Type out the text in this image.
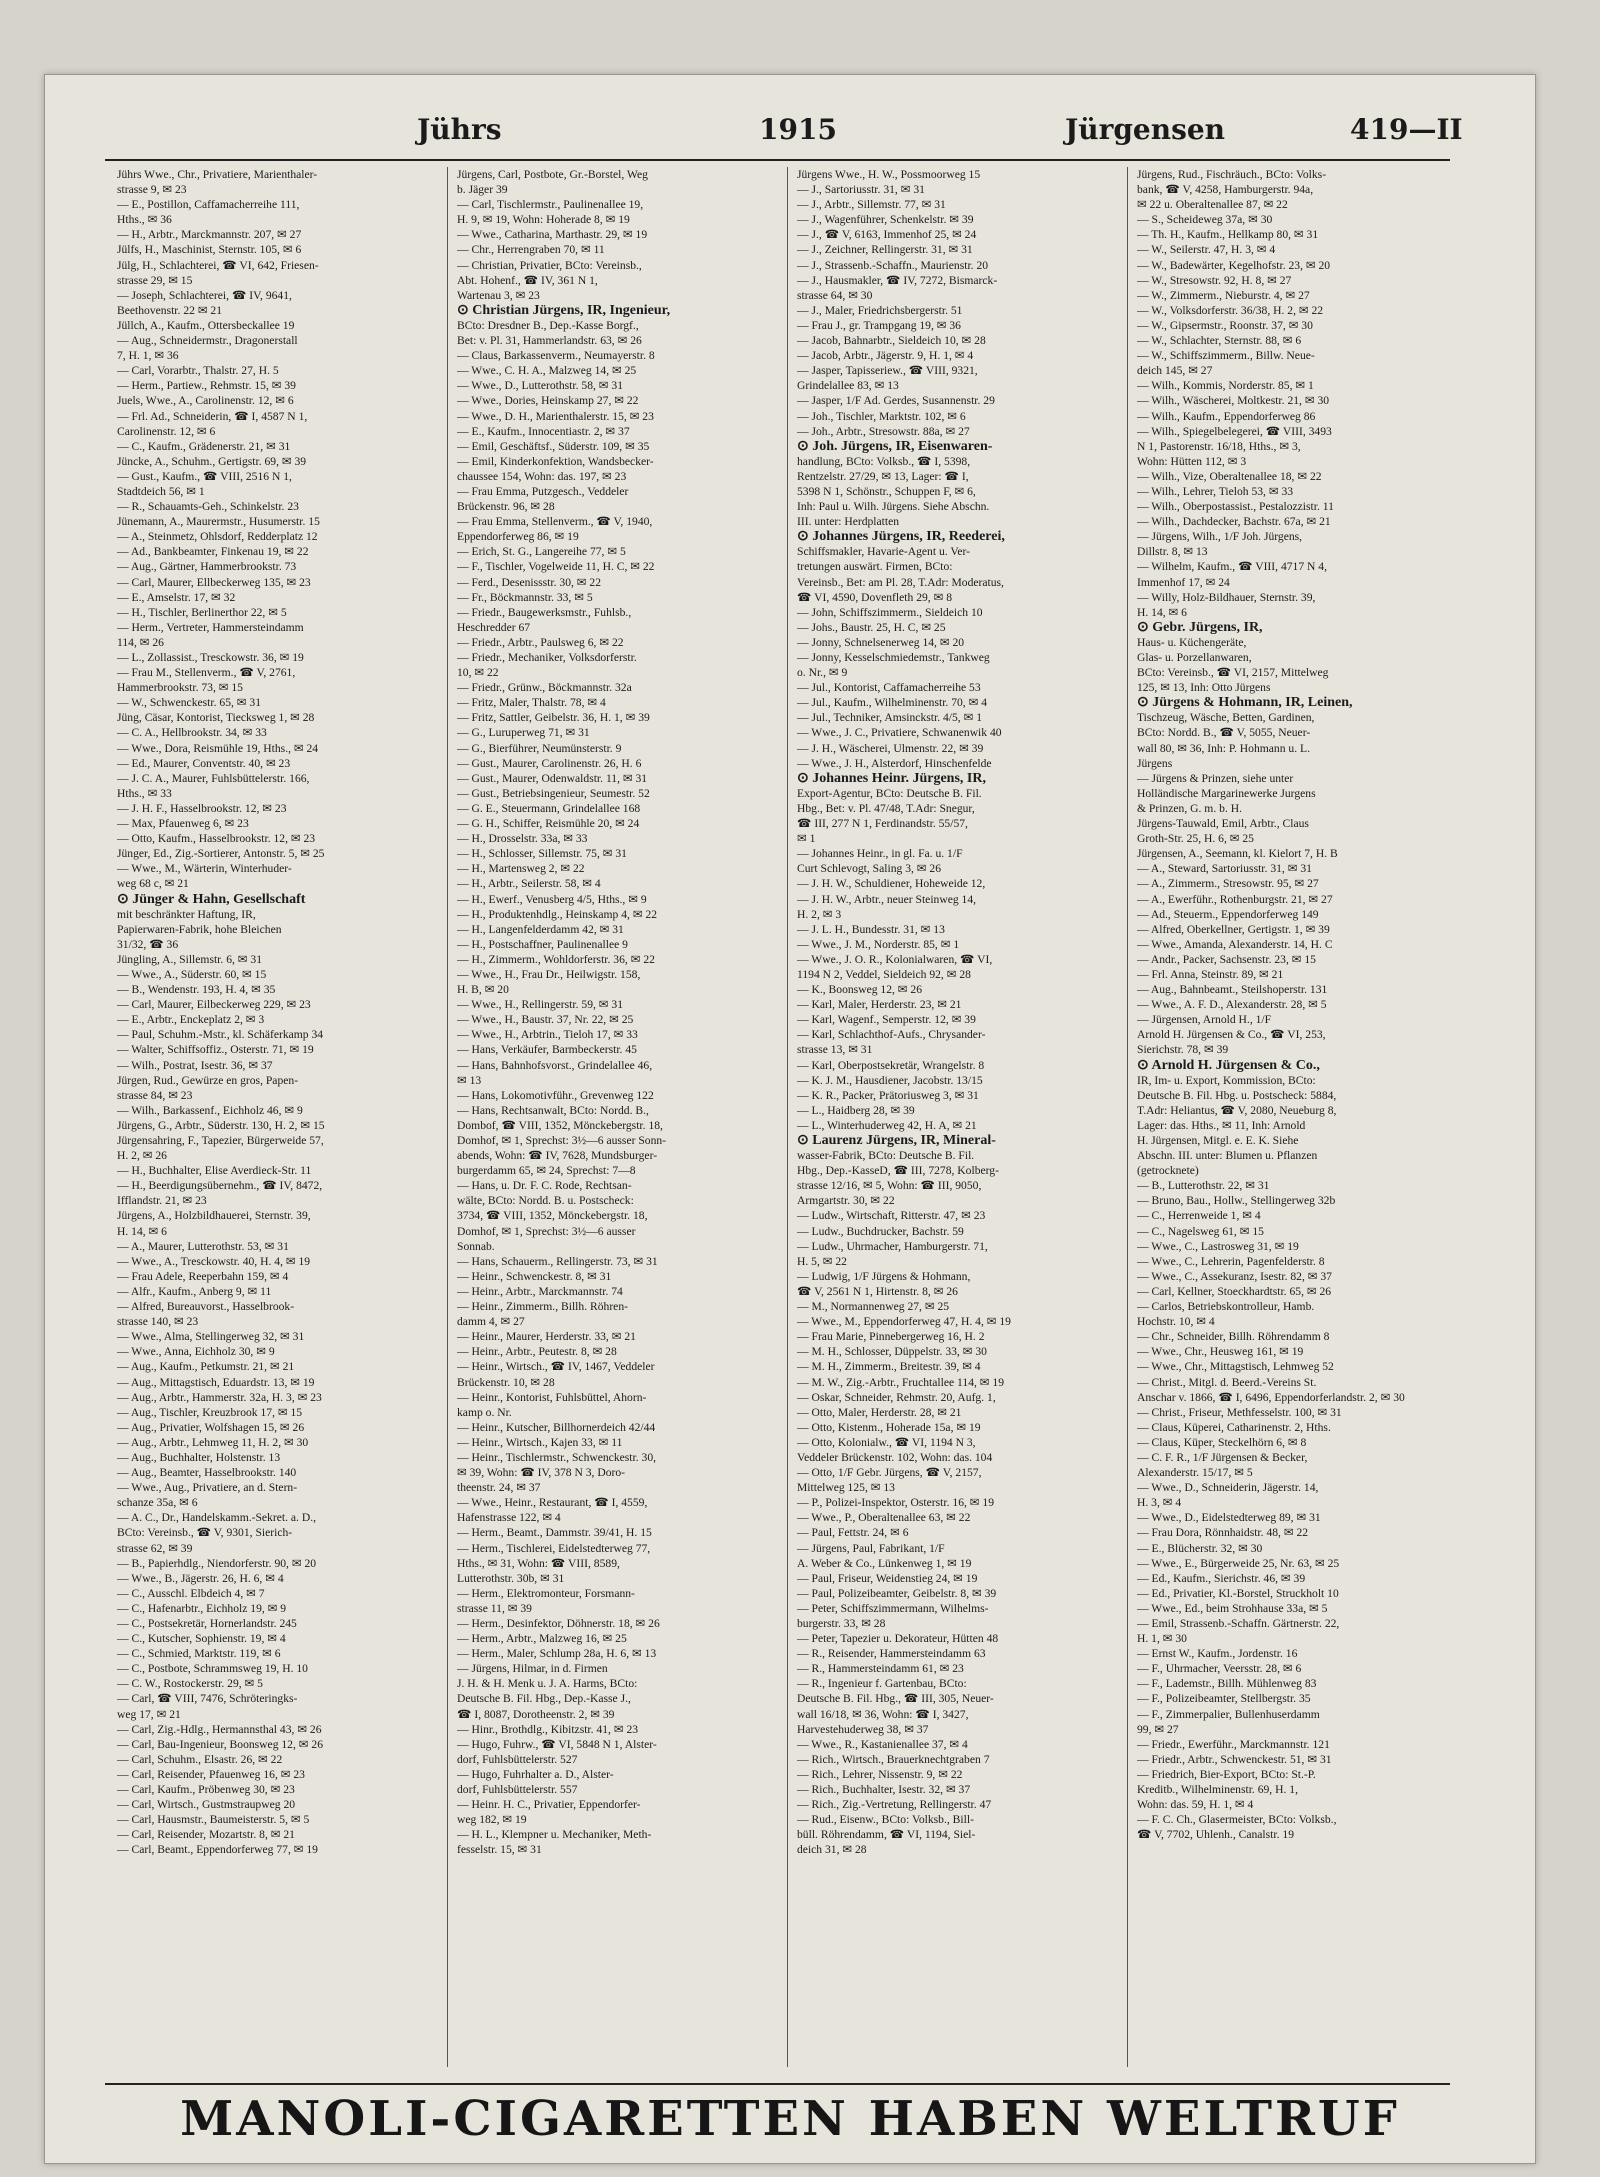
Jührs	1915	Jürgensen	419—II
Jührs Wwe., Chr., Privatiere, Marienthaler-
strasse 9, ✉ 23
— E., Postillon, Caffamacherreihe 111,
Hths., ✉ 36
— H., Arbtr., Marckmannstr. 207, ✉ 27
Jülfs, H., Maschinist, Sternstr. 105, ✉ 6
Jülg, H., Schlachterei, ☎ VI, 642, Friesen-
strasse 29, ✉ 15
— Joseph, Schlachterei, ☎ IV, 9641,
Beethovenstr. 22 ✉ 21
Jüllch, A., Kaufm., Ottersbeckallee 19
— Aug., Schneidermstr., Dragonerstall
7, H. 1, ✉ 36
— Carl, Vorarbtr., Thalstr. 27, H. 5
— Herm., Partiew., Rehmstr. 15, ✉ 39
Juels, Wwe., A., Carolinenstr. 12, ✉ 6
— Frl. Ad., Schneiderin, ☎ I, 4587 N 1,
Carolinenstr. 12, ✉ 6
— C., Kaufm., Grädenerstr. 21, ✉ 31
Jüncke, A., Schuhm., Gertigstr. 69, ✉ 39
— Gust., Kaufm., ☎ VIII, 2516 N 1,
Stadtdeich 56, ✉ 1
— R., Schauamts-Geh., Schinkelstr. 23
Jünemann, A., Maurermstr., Husumerstr. 15
— A., Steinmetz, Ohlsdorf, Redderplatz 12
— Ad., Bankbeamter, Finkenau 19, ✉ 22
— Aug., Gärtner, Hammerbrookstr. 73
— Carl, Maurer, Ellbeckerweg 135, ✉ 23
— E., Amselstr. 17, ✉ 32
— H., Tischler, Berlinerthor 22, ✉ 5
— Herm., Vertreter, Hammersteindamm
114, ✉ 26
— L., Zollassist., Tresckowstr. 36, ✉ 19
— Frau M., Stellenverm., ☎ V, 2761,
Hammerbrookstr. 73, ✉ 15
— W., Schwenckestr. 65, ✉ 31
Jüng, Cäsar, Kontorist, Tiecksweg 1, ✉ 28
— C. A., Hellbrookstr. 34, ✉ 33
— Wwe., Dora, Reismühle 19, Hths., ✉ 24
— Ed., Maurer, Conventstr. 40, ✉ 23
— J. C. A., Maurer, Fuhlsbüttelerstr. 166,
Hths., ✉ 33
— J. H. F., Hasselbrookstr. 12, ✉ 23
— Max, Pfauenweg 6, ✉ 23
— Otto, Kaufm., Hasselbrookstr. 12, ✉ 23
Jünger, Ed., Zig.-Sortierer, Antonstr. 5, ✉ 25
— Wwe., M., Wärterin, Winterhuder-
weg 68 c, ✉ 21
⊙ Jünger & Hahn, Gesellschaft
mit beschränkter Haftung, IR,
Papierwaren-Fabrik, hohe Bleichen
31/32, ☎ 36
Jüngling, A., Sillemstr. 6, ✉ 31
— Wwe., A., Süderstr. 60, ✉ 15
— B., Wendenstr. 193, H. 4, ✉ 35
— Carl, Maurer, Eilbeckerweg 229, ✉ 23
— E., Arbtr., Enckeplatz 2, ✉ 3
— Paul, Schuhm.-Mstr., kl. Schäferkamp 34
— Walter, Schiffsoffiz., Osterstr. 71, ✉ 19
— Wilh., Postrat, Isestr. 36, ✉ 37
Jürgen, Rud., Gewürze en gros, Papen-
strasse 84, ✉ 23
— Wilh., Barkassenf., Eichholz 46, ✉ 9
Jürgens, G., Arbtr., Süderstr. 130, H. 2, ✉ 15
Jürgensahring, F., Tapezier, Bürgerweide 57,
H. 2, ✉ 26
— H., Buchhalter, Elise Averdieck-Str. 11
— H., Beerdigungsübernehm., ☎ IV, 8472,
Ifflandstr. 21, ✉ 23
Jürgens, A., Holzbildhauerei, Sternstr. 39,
H. 14, ✉ 6
— A., Maurer, Lutterothstr. 53, ✉ 31
— Wwe., A., Tresckowstr. 40, H. 4, ✉ 19
— Frau Adele, Reeperbahn 159, ✉ 4
— Alfr., Kaufm., Anberg 9, ✉ 11
— Alfred, Bureauvorst., Hasselbrook-
strasse 140, ✉ 23
— Wwe., Alma, Stellingerweg 32, ✉ 31
— Wwe., Anna, Eichholz 30, ✉ 9
— Aug., Kaufm., Petkumstr. 21, ✉ 21
— Aug., Mittagstisch, Eduardstr. 13, ✉ 19
— Aug., Arbtr., Hammerstr. 32a, H. 3, ✉ 23
— Aug., Tischler, Kreuzbrook 17, ✉ 15
— Aug., Privatier, Wolfshagen 15, ✉ 26
— Aug., Arbtr., Lehmweg 11, H. 2, ✉ 30
— Aug., Buchhalter, Holstenstr. 13
— Aug., Beamter, Hasselbrookstr. 140
— Wwe., Aug., Privatiere, an d. Stern-
schanze 35a, ✉ 6
— A. C., Dr., Handelskamm.-Sekret. a. D.,
BCto: Vereinsb., ☎ V, 9301, Sierich-
strasse 62, ✉ 39
— B., Papierhdlg., Niendorferstr. 90, ✉ 20
— Wwe., B., Jägerstr. 26, H. 6, ✉ 4
— C., Ausschl. Elbdeich 4, ✉ 7
— C., Hafenarbtr., Eichholz 19, ✉ 9
— C., Postsekretär, Hornerlandstr. 245
— C., Kutscher, Sophienstr. 19, ✉ 4
— C., Schmied, Marktstr. 119, ✉ 6
— C., Postbote, Schrammsweg 19, H. 10
— C. W., Rostockerstr. 29, ✉ 5
— Carl, ☎ VIII, 7476, Schröteringks-
weg 17, ✉ 21
— Carl, Zig.-Hdlg., Hermannsthal 43, ✉ 26
— Carl, Bau-Ingenieur, Boonsweg 12, ✉ 26
— Carl, Schuhm., Elsastr. 26, ✉ 22
— Carl, Reisender, Pfauenweg 16, ✉ 23
— Carl, Kaufm., Pröbenweg 30, ✉ 23
— Carl, Wirtsch., Gustmstraupweg 20
— Carl, Hausmstr., Baumeisterstr. 5, ✉ 5
— Carl, Reisender, Mozartstr. 8, ✉ 21
— Carl, Beamt., Eppendorferweg 77, ✉ 19
Jürgens, Carl, Postbote, Gr.-Borstel, Weg
b. Jäger 39
— Carl, Tischlermstr., Paulinenallee 19,
H. 9, ✉ 19, Wohn: Hoherade 8, ✉ 19
— Wwe., Catharina, Marthastr. 29, ✉ 19
— Chr., Herrengraben 70, ✉ 11
— Christian, Privatier, BCto: Vereinsb.,
Abt. Hohenf., ☎ IV, 361 N 1,
Wartenau 3, ✉ 23
⊙ Christian Jürgens, IR, Ingenieur,
BCto: Dresdner B., Dep.-Kasse Borgf.,
Bet: v. Pl. 31, Hammerlandstr. 63, ✉ 26
— Claus, Barkassenverm., Neumayerstr. 8
— Wwe., C. H. A., Malzweg 14, ✉ 25
— Wwe., D., Lutterothstr. 58, ✉ 31
— Wwe., Dories, Heinskamp 27, ✉ 22
— Wwe., D. H., Marienthalerstr. 15, ✉ 23
— E., Kaufm., Innocentiastr. 2, ✉ 37
— Emil, Geschäftsf., Süderstr. 109, ✉ 35
— Emil, Kinderkonfektion, Wandsbecker-
chaussee 154, Wohn: das. 197, ✉ 23
— Frau Emma, Putzgesch., Veddeler
Brückenstr. 96, ✉ 28
— Frau Emma, Stellenverm., ☎ V, 1940,
Eppendorferweg 86, ✉ 19
— Erich, St. G., Langereihe 77, ✉ 5
— F., Tischler, Vogelweide 11, H. C, ✉ 22
— Ferd., Desenissstr. 30, ✉ 22
— Fr., Böckmannstr. 33, ✉ 5
— Friedr., Baugewerksmstr., Fuhlsb.,
Heschredder 67
— Friedr., Arbtr., Paulsweg 6, ✉ 22
— Friedr., Mechaniker, Volksdorferstr.
10, ✉ 22
— Friedr., Grünw., Böckmannstr. 32a
— Fritz, Maler, Thalstr. 78, ✉ 4
— Fritz, Sattler, Geibelstr. 36, H. 1, ✉ 39
— G., Luruperweg 71, ✉ 31
— G., Bierführer, Neumünsterstr. 9
— Gust., Maurer, Carolinenstr. 26, H. 6
— Gust., Maurer, Odenwaldstr. 11, ✉ 31
— Gust., Betriebsingenieur, Seumestr. 52
— G. E., Steuermann, Grindelallee 168
— G. H., Schiffer, Reismühle 20, ✉ 24
— H., Drosselstr. 33a, ✉ 33
— H., Schlosser, Sillemstr. 75, ✉ 31
— H., Martensweg 2, ✉ 22
— H., Arbtr., Seilerstr. 58, ✉ 4
— H., Ewerf., Venusberg 4/5, Hths., ✉ 9
— H., Produktenhdlg., Heinskamp 4, ✉ 22
— H., Langenfelderdamm 42, ✉ 31
— H., Postschaffner, Paulinenallee 9
— H., Zimmerm., Wohldorferstr. 36, ✉ 22
— Wwe., H., Frau Dr., Heilwigstr. 158,
H. B, ✉ 20
— Wwe., H., Rellingerstr. 59, ✉ 31
— Wwe., H., Baustr. 37, Nr. 22, ✉ 25
— Wwe., H., Arbtrin., Tieloh 17, ✉ 33
— Hans, Verkäufer, Barmbeckerstr. 45
— Hans, Bahnhofsvorst., Grindelallee 46,
✉ 13
— Hans, Lokomotivführ., Grevenweg 122
— Hans, Rechtsanwalt, BCto: Nordd. B.,
Dombof, ☎ VIII, 1352, Mönckebergstr. 18,
Domhof, ✉ 1, Sprechst: 3½—6 ausser Sonn-
abends, Wohn: ☎ IV, 7628, Mundsburger-
burgerdamm 65, ✉ 24, Sprechst: 7—8
— Hans, u. Dr. F. C. Rode, Rechtsan-
wälte, BCto: Nordd. B. u. Postscheck:
3734, ☎ VIII, 1352, Mönckebergstr. 18,
Domhof, ✉ 1, Sprechst: 3½—6 ausser
Sonnab.
— Hans, Schauerm., Rellingerstr. 73, ✉ 31
— Heinr., Schwenckestr. 8, ✉ 31
— Heinr., Arbtr., Marckmannstr. 74
— Heinr., Zimmerm., Billh. Röhren-
damm 4, ✉ 27
— Heinr., Maurer, Herderstr. 33, ✉ 21
— Heinr., Arbtr., Peutestr. 8, ✉ 28
— Heinr., Wirtsch., ☎ IV, 1467, Veddeler
Brückenstr. 10, ✉ 28
— Heinr., Kontorist, Fuhlsbüttel, Ahorn-
kamp o. Nr.
— Heinr., Kutscher, Billhornerdeich 42/44
— Heinr., Wirtsch., Kajen 33, ✉ 11
— Heinr., Tischlermstr., Schwenckestr. 30,
✉ 39, Wohn: ☎ IV, 378 N 3, Doro-
theenstr. 24, ✉ 37
— Wwe., Heinr., Restaurant, ☎ I, 4559,
Hafenstrasse 122, ✉ 4
— Herm., Beamt., Dammstr. 39/41, H. 15
— Herm., Tischlerei, Eidelstedterweg 77,
Hths., ✉ 31, Wohn: ☎ VIII, 8589,
Lutterothstr. 30b, ✉ 31
— Herm., Elektromonteur, Forsmann-
strasse 11, ✉ 39
— Herm., Desinfektor, Döhnerstr. 18, ✉ 26
— Herm., Arbtr., Malzweg 16, ✉ 25
— Herm., Maler, Schlump 28a, H. 6, ✉ 13
— Jürgens, Hilmar, in d. Firmen
J. H. & H. Menk u. J. A. Harms, BCto:
Deutsche B. Fil. Hbg., Dep.-Kasse J.,
☎ I, 8087, Dorotheenstr. 2, ✉ 39
— Hinr., Brothdlg., Kibitzstr. 41, ✉ 23
— Hugo, Fuhrw., ☎ VI, 5848 N 1, Alster-
dorf, Fuhlsbüttelerstr. 527
— Hugo, Fuhrhalter a. D., Alster-
dorf, Fuhlsbüttelerstr. 557
— Heinr. H. C., Privatier, Eppendorfer-
weg 182, ✉ 19
— H. L., Klempner u. Mechaniker, Meth-
fesselstr. 15, ✉ 31
Jürgens Wwe., H. W., Possmoorweg 15
— J., Sartoriusstr. 31, ✉ 31
— J., Arbtr., Sillemstr. 77, ✉ 31
— J., Wagenführer, Schenkelstr. ✉ 39
— J., ☎ V, 6163, Immenhof 25, ✉ 24
— J., Zeichner, Rellingerstr. 31, ✉ 31
— J., Strassenb.-Schaffn., Maurienstr. 20
— J., Hausmakler, ☎ IV, 7272, Bismarck-
strasse 64, ✉ 30
— J., Maler, Friedrichsbergerstr. 51
— Frau J., gr. Trampgang 19, ✉ 36
— Jacob, Bahnarbtr., Sieldeich 10, ✉ 28
— Jacob, Arbtr., Jägerstr. 9, H. 1, ✉ 4
— Jasper, Tapisseriew., ☎ VIII, 9321,
Grindelallee 83, ✉ 13
— Jasper, 1/F Ad. Gerdes, Susannenstr. 29
— Joh., Tischler, Marktstr. 102, ✉ 6
— Joh., Arbtr., Stresowstr. 88a, ✉ 27
⊙ Joh. Jürgens, IR, Eisenwaren-
handlung, BCto: Volksb., ☎ I, 5398,
Rentzelstr. 27/29, ✉ 13, Lager: ☎ I,
5398 N 1, Schönstr., Schuppen F, ✉ 6,
Inh: Paul u. Wilh. Jürgens. Siehe Abschn.
III. unter: Herdplatten
⊙ Johannes Jürgens, IR, Reederei,
Schiffsmakler, Havarie-Agent u. Ver-
tretungen auswärt. Firmen, BCto:
Vereinsb., Bet: am Pl. 28, T.Adr: Moderatus,
☎ VI, 4590, Dovenfleth 29, ✉ 8
— John, Schiffszimmerm., Sieldeich 10
— Johs., Baustr. 25, H. C, ✉ 25
— Jonny, Schnelsenerweg 14, ✉ 20
— Jonny, Kesselschmiedemstr., Tankweg
o. Nr., ✉ 9
— Jul., Kontorist, Caffamacherreihe 53
— Jul., Kaufm., Wilhelminenstr. 70, ✉ 4
— Jul., Techniker, Amsinckstr. 4/5, ✉ 1
— Wwe., J. C., Privatiere, Schwanenwik 40
— J. H., Wäscherei, Ulmenstr. 22, ✉ 39
— Wwe., J. H., Alsterdorf, Hinschenfelde
⊙ Johannes Heinr. Jürgens, IR,
Export-Agentur, BCto: Deutsche B. Fil.
Hbg., Bet: v. Pl. 47/48, T.Adr: Snegur,
☎ III, 277 N 1, Ferdinandstr. 55/57,
✉ 1
— Johannes Heinr., in gl. Fa. u. 1/F
Curt Schlevogt, Saling 3, ✉ 26
— J. H. W., Schuldiener, Hoheweide 12,
— J. H. W., Arbtr., neuer Steinweg 14,
H. 2, ✉ 3
— J. L. H., Bundesstr. 31, ✉ 13
— Wwe., J. M., Norderstr. 85, ✉ 1
— Wwe., J. O. R., Kolonialwaren, ☎ VI,
1194 N 2, Veddel, Sieldeich 92, ✉ 28
— K., Boonsweg 12, ✉ 26
— Karl, Maler, Herderstr. 23, ✉ 21
— Karl, Wagenf., Semperstr. 12, ✉ 39
— Karl, Schlachthof-Aufs., Chrysander-
strasse 13, ✉ 31
— Karl, Oberpostsekretär, Wrangelstr. 8
— K. J. M., Hausdiener, Jacobstr. 13/15
— K. R., Packer, Prätoriusweg 3, ✉ 31
— L., Haidberg 28, ✉ 39
— L., Winterhuderweg 42, H. A, ✉ 21
⊙ Laurenz Jürgens, IR, Mineral-
wasser-Fabrik, BCto: Deutsche B. Fil.
Hbg., Dep.-KasseD, ☎ III, 7278, Kolberg-
strasse 12/16, ✉ 5, Wohn: ☎ III, 9050,
Armgartstr. 30, ✉ 22
— Ludw., Wirtschaft, Ritterstr. 47, ✉ 23
— Ludw., Buchdrucker, Bachstr. 59
— Ludw., Uhrmacher, Hamburgerstr. 71,
H. 5, ✉ 22
— Ludwig, 1/F Jürgens & Hohmann,
☎ V, 2561 N 1, Hirtenstr. 8, ✉ 26
— M., Normannenweg 27, ✉ 25
— Wwe., M., Eppendorferweg 47, H. 4, ✉ 19
— Frau Marie, Pinnebergerweg 16, H. 2
— M. H., Schlosser, Düppelstr. 33, ✉ 30
— M. H., Zimmerm., Breitestr. 39, ✉ 4
— M. W., Zig.-Arbtr., Fruchtallee 114, ✉ 19
— Oskar, Schneider, Rehmstr. 20, Aufg. 1,
— Otto, Maler, Herderstr. 28, ✉ 21
— Otto, Kistenm., Hoherade 15a, ✉ 19
— Otto, Kolonialw., ☎ VI, 1194 N 3,
Veddeler Brückenstr. 102, Wohn: das. 104
— Otto, 1/F Gebr. Jürgens, ☎ V, 2157,
Mittelweg 125, ✉ 13
— P., Polizei-Inspektor, Osterstr. 16, ✉ 19
— Wwe., P., Oberaltenallee 63, ✉ 22
— Paul, Fettstr. 24, ✉ 6
— Jürgens, Paul, Fabrikant, 1/F
A. Weber & Co., Lünkenweg 1, ✉ 19
— Paul, Friseur, Weidenstieg 24, ✉ 19
— Paul, Polizeibeamter, Geibelstr. 8, ✉ 39
— Peter, Schiffszimmermann, Wilhelms-
burgerstr. 33, ✉ 28
— Peter, Tapezier u. Dekorateur, Hütten 48
— R., Reisender, Hammersteindamm 63
— R., Hammersteindamm 61, ✉ 23
— R., Ingenieur f. Gartenbau, BCto:
Deutsche B. Fil. Hbg., ☎ III, 305, Neuer-
wall 16/18, ✉ 36, Wohn: ☎ I, 3427,
Harvestehuderweg 38, ✉ 37
— Wwe., R., Kastanienallee 37, ✉ 4
— Rich., Wirtsch., Brauerknechtgraben 7
— Rich., Lehrer, Nissenstr. 9, ✉ 22
— Rich., Buchhalter, Isestr. 32, ✉ 37
— Rich., Zig.-Vertretung, Rellingerstr. 47
— Rud., Eisenw., BCto: Volksb., Bill-
büll. Röhrendamm, ☎ VI, 1194, Siel-
deich 31, ✉ 28
Jürgens, Rud., Fischräuch., BCto: Volks-
bank, ☎ V, 4258, Hamburgerstr. 94a,
✉ 22 u. Oberaltenallee 87, ✉ 22
— S., Scheideweg 37a, ✉ 30
— Th. H., Kaufm., Hellkamp 80, ✉ 31
— W., Seilerstr. 47, H. 3, ✉ 4
— W., Badewärter, Kegelhofstr. 23, ✉ 20
— W., Stresowstr. 92, H. 8, ✉ 27
— W., Zimmerm., Nieburstr. 4, ✉ 27
— W., Volksdorferstr. 36/38, H. 2, ✉ 22
— W., Gipsermstr., Roonstr. 37, ✉ 30
— W., Schlachter, Sternstr. 88, ✉ 6
— W., Schiffszimmerm., Billw. Neue-
deich 145, ✉ 27
— Wilh., Kommis, Norderstr. 85, ✉ 1
— Wilh., Wäscherei, Moltkestr. 21, ✉ 30
— Wilh., Kaufm., Eppendorferweg 86
— Wilh., Spiegelbelegerei, ☎ VIII, 3493
N 1, Pastorenstr. 16/18, Hths., ✉ 3,
Wohn: Hütten 112, ✉ 3
— Wilh., Vize, Oberaltenallee 18, ✉ 22
— Wilh., Lehrer, Tieloh 53, ✉ 33
— Wilh., Oberpostassist., Pestalozzistr. 11
— Wilh., Dachdecker, Bachstr. 67a, ✉ 21
— Jürgens, Wilh., 1/F Joh. Jürgens,
Dillstr. 8, ✉ 13
— Wilhelm, Kaufm., ☎ VIII, 4717 N 4,
Immenhof 17, ✉ 24
— Willy, Holz-Bildhauer, Sternstr. 39,
H. 14, ✉ 6
⊙ Gebr. Jürgens, IR,
Haus- u. Küchengeräte,
Glas- u. Porzellanwaren,
BCto: Vereinsb., ☎ VI, 2157, Mittelweg
125, ✉ 13, Inh: Otto Jürgens
⊙ Jürgens & Hohmann, IR, Leinen,
Tischzeug, Wäsche, Betten, Gardinen,
BCto: Nordd. B., ☎ V, 5055, Neuer-
wall 80, ✉ 36, Inh: P. Hohmann u. L.
Jürgens
— Jürgens & Prinzen, siehe unter
Holländische Margarinewerke Jurgens
& Prinzen, G. m. b. H.
Jürgens-Tauwald, Emil, Arbtr., Claus
Groth-Str. 25, H. 6, ✉ 25
Jürgensen, A., Seemann, kl. Kielort 7, H. B
— A., Steward, Sartoriusstr. 31, ✉ 31
— A., Zimmerm., Stresowstr. 95, ✉ 27
— A., Ewerführ., Rothenburgstr. 21, ✉ 27
— Ad., Steuerm., Eppendorferweg 149
— Alfred, Oberkellner, Gertigstr. 1, ✉ 39
— Wwe., Amanda, Alexanderstr. 14, H. C
— Andr., Packer, Sachsenstr. 23, ✉ 15
— Frl. Anna, Steinstr. 89, ✉ 21
— Aug., Bahnbeamt., Steilshoperstr. 131
— Wwe., A. F. D., Alexanderstr. 28, ✉ 5
— Jürgensen, Arnold H., 1/F
Arnold H. Jürgensen & Co., ☎ VI, 253,
Sierichstr. 78, ✉ 39
⊙ Arnold H. Jürgensen & Co.,
IR, Im- u. Export, Kommission, BCto:
Deutsche B. Fil. Hbg. u. Postscheck: 5884,
T.Adr: Heliantus, ☎ V, 2080, Neueburg 8,
Lager: das. Hths., ✉ 11, Inh: Arnold
H. Jürgensen, Mitgl. e. E. K. Siehe
Abschn. III. unter: Blumen u. Pflanzen
(getrocknete)
— B., Lutterothstr. 22, ✉ 31
— Bruno, Bau., Hollw., Stellingerweg 32b
— C., Herrenweide 1, ✉ 4
— C., Nagelsweg 61, ✉ 15
— Wwe., C., Lastrosweg 31, ✉ 19
— Wwe., C., Lehrerin, Pagenfelderstr. 8
— Wwe., C., Assekuranz, Isestr. 82, ✉ 37
— Carl, Kellner, Stoeckhardtstr. 65, ✉ 26
— Carlos, Betriebskontrolleur, Hamb.
Hochstr. 10, ✉ 4
— Chr., Schneider, Billh. Röhrendamm 8
— Wwe., Chr., Heusweg 161, ✉ 19
— Wwe., Chr., Mittagstisch, Lehmweg 52
— Christ., Mitgl. d. Beerd.-Vereins St.
Anschar v. 1866, ☎ I, 6496, Eppendorferlandstr. 2, ✉ 30
— Christ., Friseur, Methfesselstr. 100, ✉ 31
— Claus, Küperei, Catharinenstr. 2, Hths.
— Claus, Küper, Steckelhörn 6, ✉ 8
— C. F. R., 1/F Jürgensen & Becker,
Alexanderstr. 15/17, ✉ 5
— Wwe., D., Schneiderin, Jägerstr. 14,
H. 3, ✉ 4
— Wwe., D., Eidelstedterweg 89, ✉ 31
— Frau Dora, Rönnhaidstr. 48, ✉ 22
— E., Blücherstr. 32, ✉ 30
— Wwe., E., Bürgerweide 25, Nr. 63, ✉ 25
— Ed., Kaufm., Sierichstr. 46, ✉ 39
— Ed., Privatier, Kl.-Borstel, Struckholt 10
— Wwe., Ed., beim Strohhause 33a, ✉ 5
— Emil, Strassenb.-Schaffn. Gärtnerstr. 22,
H. 1, ✉ 30
— Ernst W., Kaufm., Jordenstr. 16
— F., Uhrmacher, Veersstr. 28, ✉ 6
— F., Lademstr., Billh. Mühlenweg 83
— F., Polizeibeamter, Stellbergstr. 35
— F., Zimmerpalier, Bullenhuserdamm
99, ✉ 27
— Friedr., Ewerführ., Marckmannstr. 121
— Friedr., Arbtr., Schwenckestr. 51, ✉ 31
— Friedrich, Bier-Export, BCto: St.-P.
Kreditb., Wilhelminenstr. 69, H. 1,
Wohn: das. 59, H. 1, ✉ 4
— F. C. Ch., Glasermeister, BCto: Volksb.,
☎ V, 7702, Uhlenh., Canalstr. 19
MANOLI-CIGARETTEN HABEN WELTRUF
